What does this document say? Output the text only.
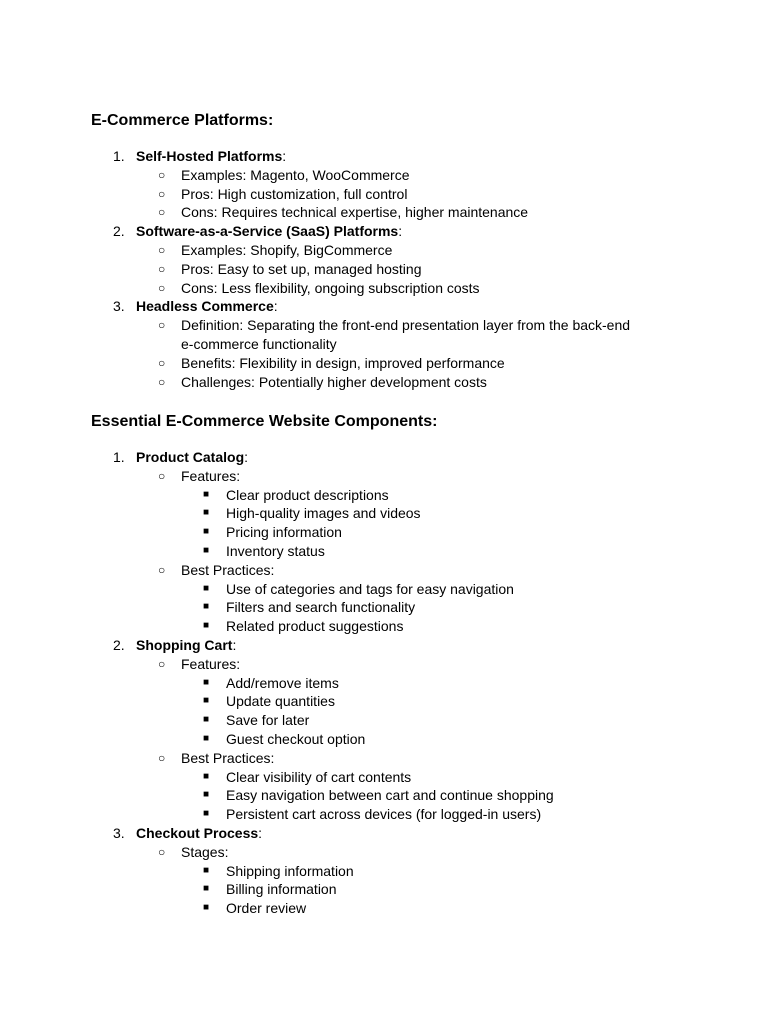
E-Commerce Platforms:
1. Self-Hosted Platforms:
○ Examples: Magento, WooCommerce
○ Pros: High customization, full control
○ Cons: Requires technical expertise, higher maintenance
2. Software-as-a-Service (SaaS) Platforms:
○ Examples: Shopify, BigCommerce
○ Pros: Easy to set up, managed hosting
○ Cons: Less flexibility, ongoing subscription costs
3. Headless Commerce:
○ Definition: Separating the front-end presentation layer from the back-end e-commerce functionality
○ Benefits: Flexibility in design, improved performance
○ Challenges: Potentially higher development costs
Essential E-Commerce Website Components:
1. Product Catalog:
○ Features:
■ Clear product descriptions
■ High-quality images and videos
■ Pricing information
■ Inventory status
○ Best Practices:
■ Use of categories and tags for easy navigation
■ Filters and search functionality
■ Related product suggestions
2. Shopping Cart:
○ Features:
■ Add/remove items
■ Update quantities
■ Save for later
■ Guest checkout option
○ Best Practices:
■ Clear visibility of cart contents
■ Easy navigation between cart and continue shopping
■ Persistent cart across devices (for logged-in users)
3. Checkout Process:
○ Stages:
■ Shipping information
■ Billing information
■ Order review
